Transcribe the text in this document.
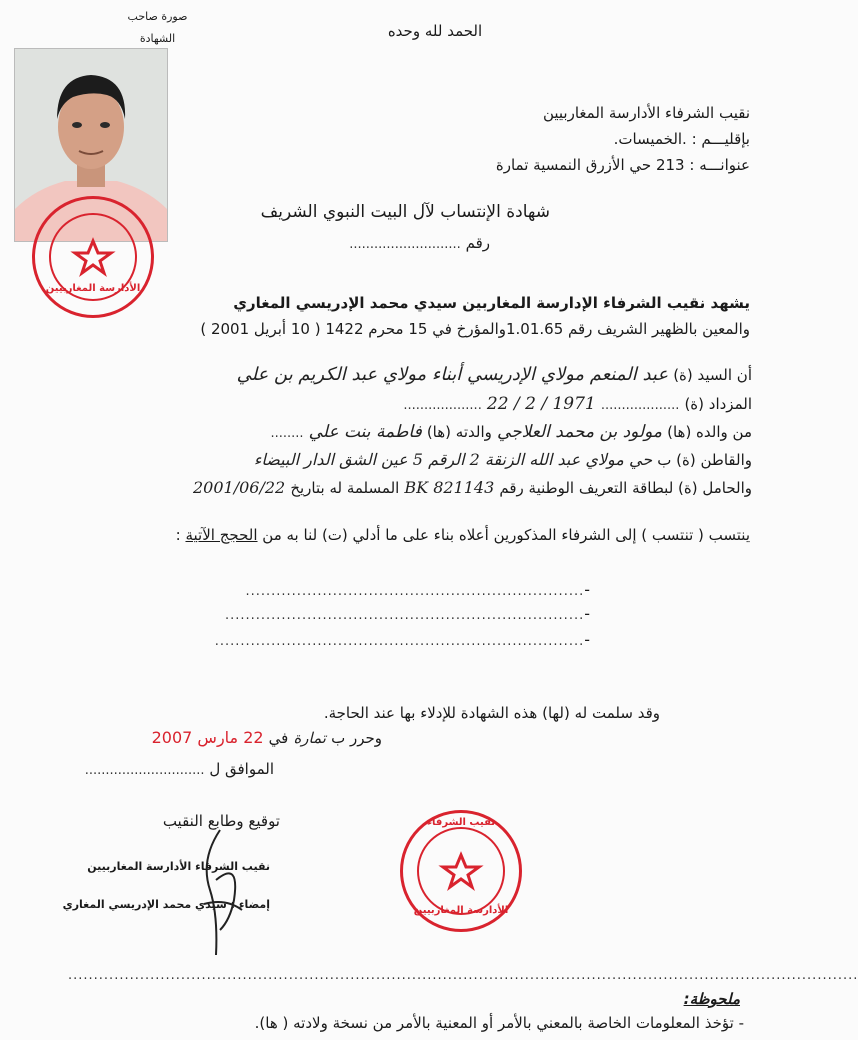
صورة صاحب
الشهادة
الأدارسة المغاربيين
الحمد لله وحده
نقيب الشرفاء الأدارسة المغاربيين
بإقليـــم : .الخميسات.
عنوانـــه : 213 حي الأزرق النمسية تمارة
شهادة الإنتساب لآل البيت النبوي الشريف
رقم ...........................
يشهد نقيب الشرفاء الإدارسة المغاربين سيدي محمد الإدريسي المغاري
والمعين بالظهير الشريف رقم 1.01.65والمؤرخ في 15 محرم 1422 ( 10 أبريل 2001 )
أن السيد (ة) عبد المنعم مولاي الإدريسي أبناء مولاي عبد الكريم بن علي
المزداد (ة) ................... 1971 / 2 / 22 ...................
من والده (ها) مولود بن محمد العلاجي والدته (ها) فاطمة بنت علي ........
والقاطن (ة) ب حي مولاي عبد الله الزنقة 2 الرقم 5 عين الشق الدار البيضاء
والحامل (ة) لبطاقة التعريف الوطنية رقم BK 821143 المسلمة له بتاريخ 2001/06/22
ينتسب ( تنتسب ) إلى الشرفاء المذكورين أعلاه بناء على ما أدلي (ت) لنا به من الحجج الآتية :
-..................................................................
-......................................................................
-........................................................................
وقد سلمت له (لها) هذه الشهادة للإدلاء بها عند الحاجة.
وحرر ب تمارة في 22 مارس 2007
الموافق ل .............................
توقيع وطابع النقيب
نقيب الشرفاء الأدارسة المغاربيين
إمضاء : سيدي محمد الإدريسي المغاري
نقيب الشرفاء
الأدارسة المغاربيين
..........................................................................................................................................................
ملحوظة:
- تؤخذ المعلومات الخاصة بالمعني بالأمر أو المعنية بالأمر من نسخة ولادته ( ها).
